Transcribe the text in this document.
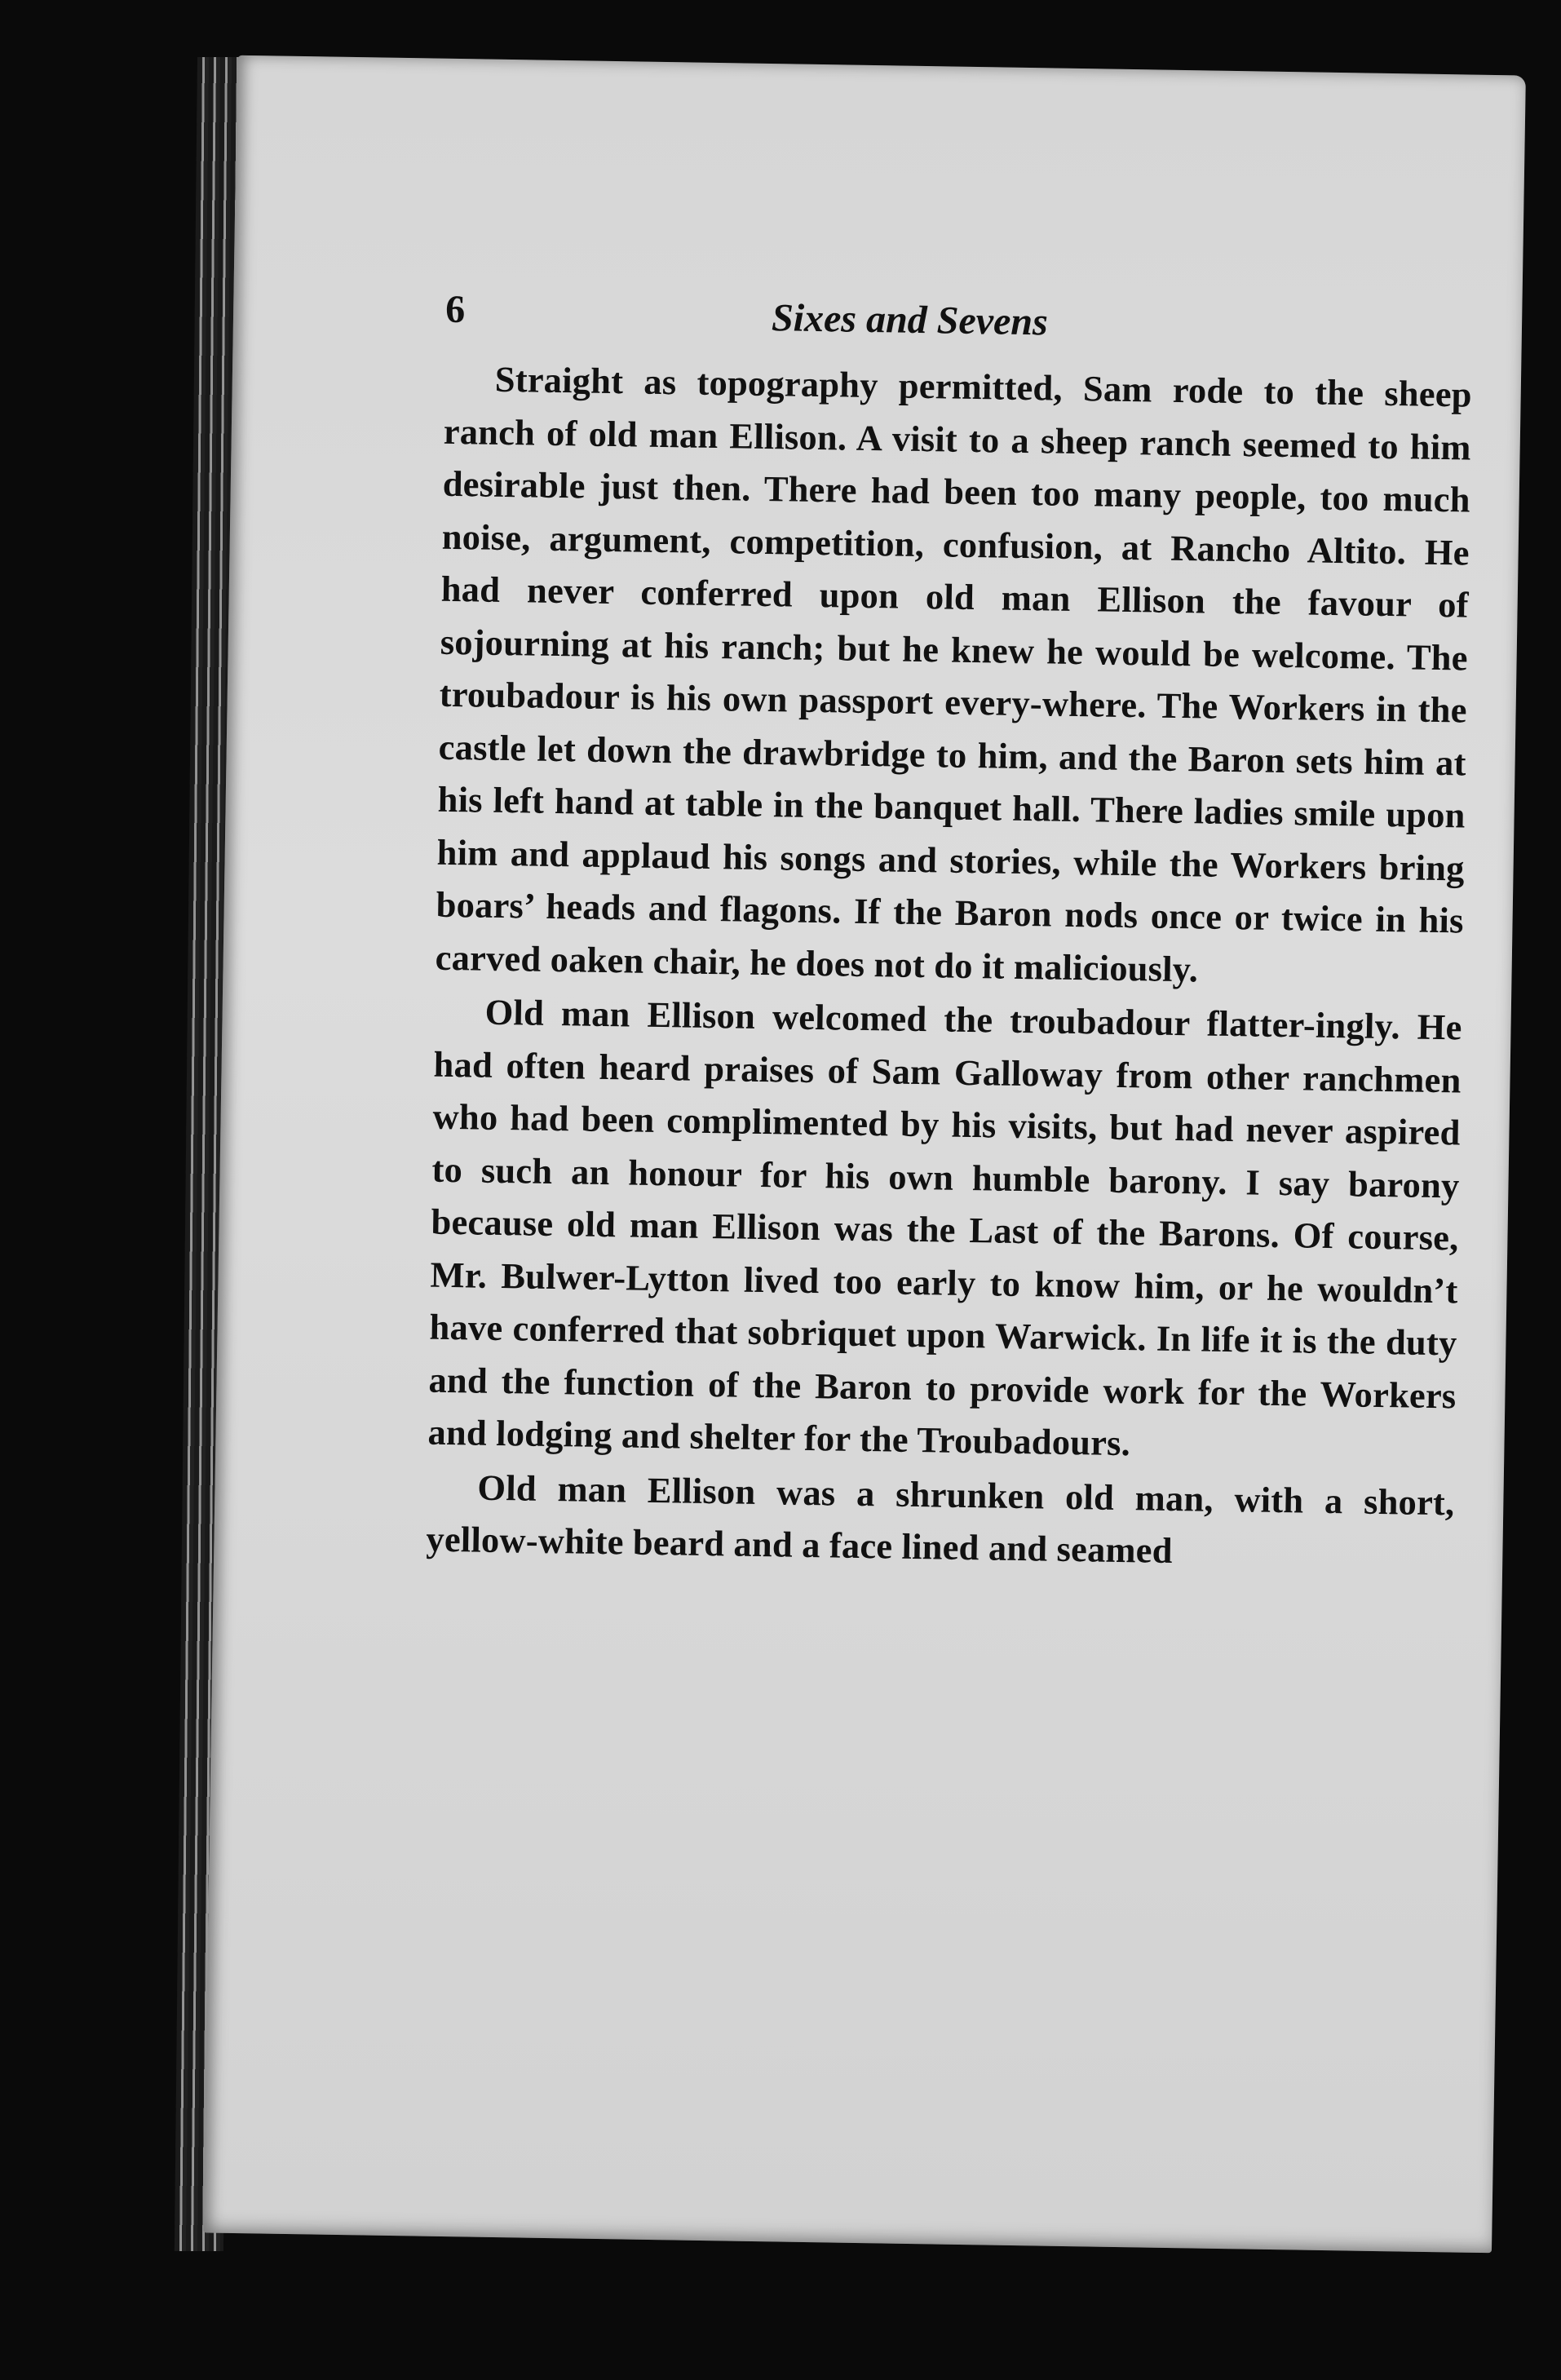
6	Sixes and Sevens

Straight as topography permitted, Sam rode to the sheep ranch of old man Ellison. A visit to a sheep ranch seemed to him desirable just then. There had been too many people, too much noise, argument, competition, confusion, at Rancho Altito. He had never conferred upon old man Ellison the favour of sojourning at his ranch; but he knew he would be welcome. The troubadour is his own passport every-where. The Workers in the castle let down the drawbridge to him, and the Baron sets him at his left hand at table in the banquet hall. There ladies smile upon him and applaud his songs and stories, while the Workers bring boars’ heads and flagons. If the Baron nods once or twice in his carved oaken chair, he does not do it maliciously.

Old man Ellison welcomed the troubadour flatter-ingly. He had often heard praises of Sam Galloway from other ranchmen who had been complimented by his visits, but had never aspired to such an honour for his own humble barony. I say barony because old man Ellison was the Last of the Barons. Of course, Mr. Bulwer-Lytton lived too early to know him, or he wouldn’t have conferred that sobriquet upon Warwick. In life it is the duty and the function of the Baron to provide work for the Workers and lodging and shelter for the Troubadours.

Old man Ellison was a shrunken old man, with a short, yellow-white beard and a face lined and seamed
